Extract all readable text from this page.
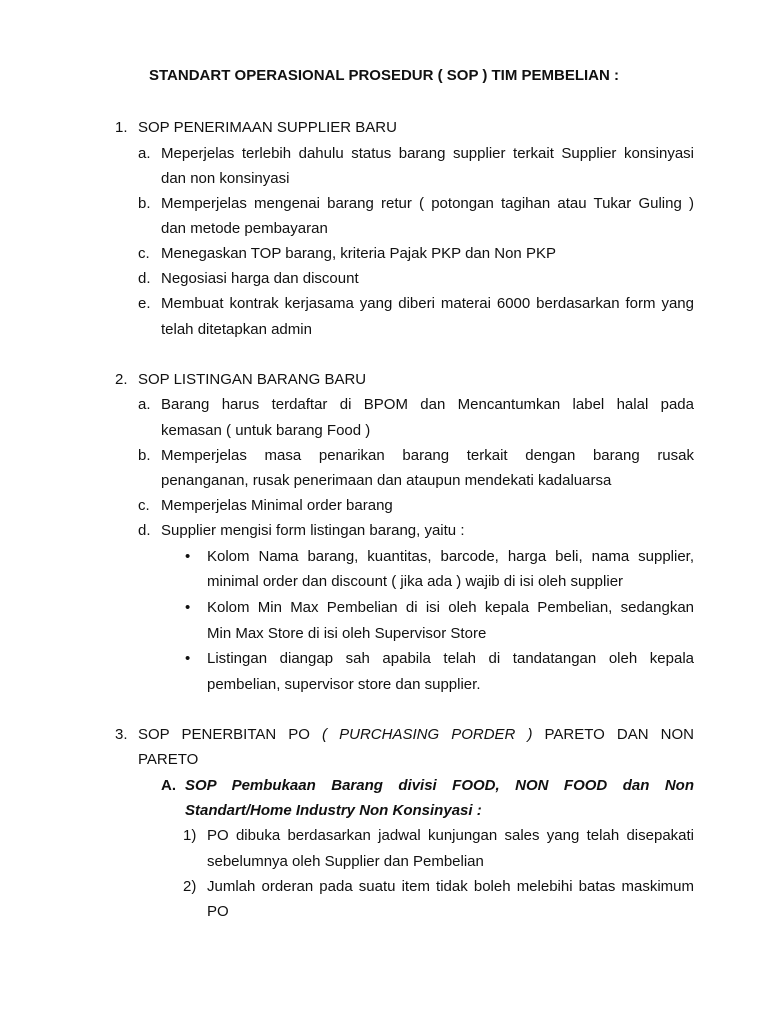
STANDART OPERASIONAL PROSEDUR ( SOP ) TIM PEMBELIAN :
1. SOP PENERIMAAN SUPPLIER BARU
a. Meperjelas terlebih dahulu status barang supplier terkait Supplier konsinyasi
dan non konsinyasi
b. Memperjelas mengenai barang retur ( potongan tagihan atau Tukar Guling )
dan metode pembayaran
c. Menegaskan TOP barang, kriteria Pajak PKP dan Non PKP
d. Negosiasi harga dan discount
e. Membuat kontrak kerjasama yang diberi materai 6000 berdasarkan form yang
telah ditetapkan admin
2. SOP LISTINGAN BARANG BARU
a. Barang harus terdaftar di BPOM dan Mencantumkan label halal pada
kemasan ( untuk barang Food )
b. Memperjelas masa penarikan barang terkait dengan barang rusak
penanganan, rusak penerimaan dan ataupun mendekati kadaluarsa
c. Memperjelas Minimal order barang
d. Supplier mengisi form listingan barang, yaitu :
• Kolom Nama barang, kuantitas, barcode, harga beli, nama supplier,
minimal order dan discount ( jika ada ) wajib di isi oleh supplier
• Kolom Min Max Pembelian di isi oleh kepala Pembelian, sedangkan
Min Max Store di isi oleh Supervisor Store
• Listingan diangap sah apabila telah di tandatangan oleh kepala
pembelian, supervisor store dan supplier.
3. SOP PENERBITAN PO ( PURCHASING PORDER ) PARETO DAN NON
PARETO
A. SOP Pembukaan Barang divisi FOOD, NON FOOD dan Non
Standart/Home Industry Non Konsinyasi :
1) PO dibuka berdasarkan jadwal kunjungan sales yang telah disepakati
sebelumnya oleh Supplier dan Pembelian
2) Jumlah orderan pada suatu item tidak boleh melebihi batas maskimum
PO
